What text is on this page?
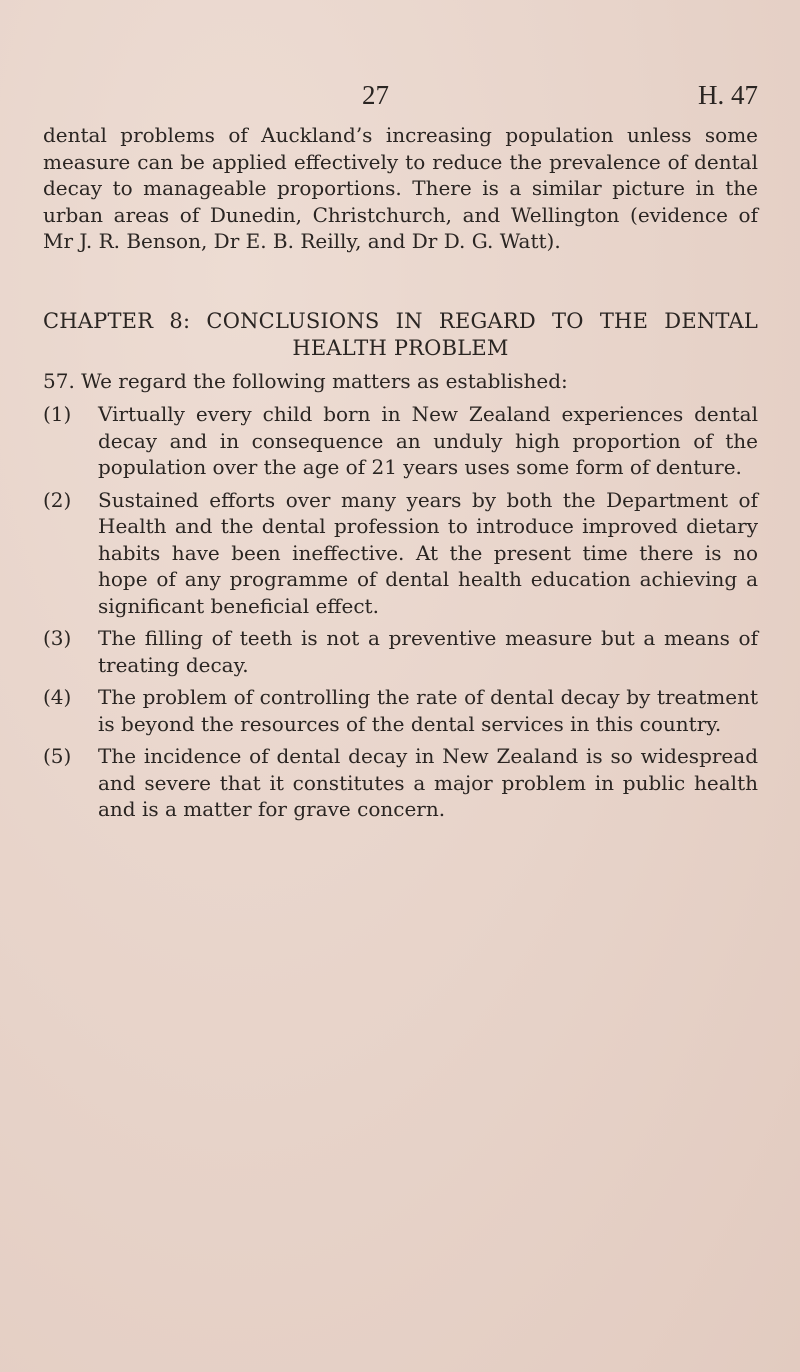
27	H. 47

dental problems of Auckland’s increasing population unless some measure can be applied effectively to reduce the prevalence of dental decay to manageable proportions. There is a similar picture in the urban areas of Dunedin, Christchurch, and Wellington (evidence of Mr J. R. Benson, Dr E. B. Reilly, and Dr D. G. Watt).

CHAPTER 8: CONCLUSIONS IN REGARD TO THE DENTAL
HEALTH PROBLEM

57. We regard the following matters as established:

(1) Virtually every child born in New Zealand experiences dental decay and in consequence an unduly high proportion of the population over the age of 21 years uses some form of denture.
(2) Sustained efforts over many years by both the Department of Health and the dental profession to introduce improved dietary habits have been ineffective. At the present time there is no hope of any programme of dental health education achieving a significant beneficial effect.
(3) The filling of teeth is not a preventive measure but a means of treating decay.
(4) The problem of controlling the rate of dental decay by treatment is beyond the resources of the dental services in this country.
(5) The incidence of dental decay in New Zealand is so widespread and severe that it constitutes a major problem in public health and is a matter for grave concern.
